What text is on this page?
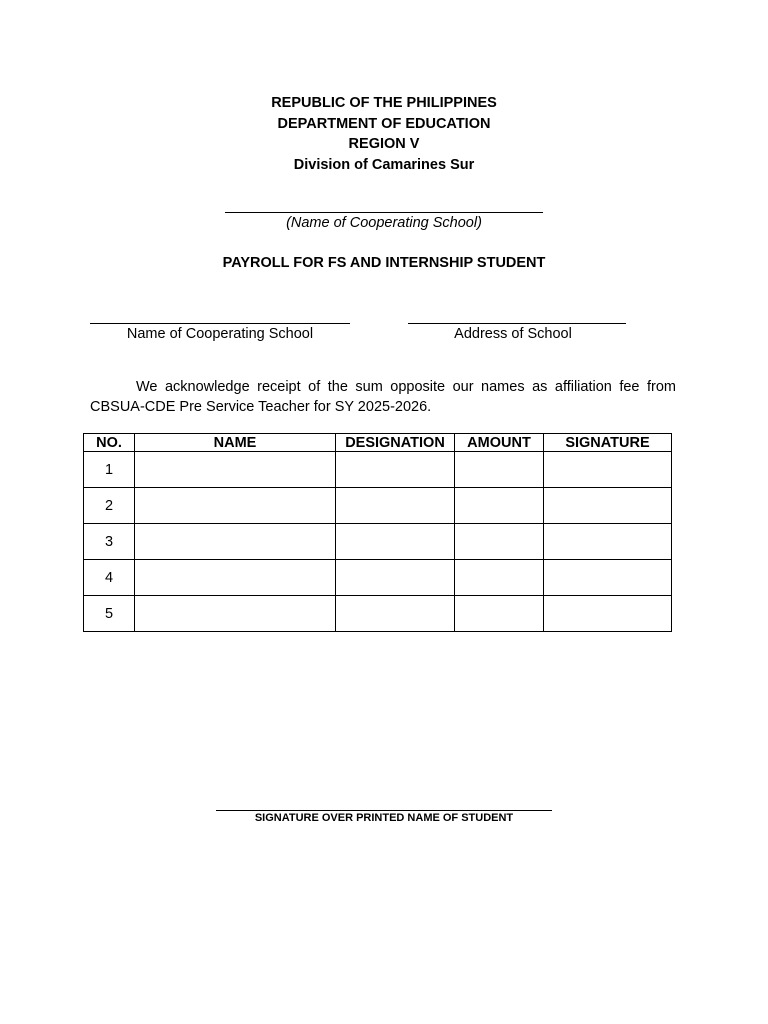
REPUBLIC OF THE PHILIPPINES
DEPARTMENT OF EDUCATION
REGION V
Division of Camarines Sur
(Name of Cooperating School)
PAYROLL FOR FS AND INTERNSHIP STUDENT
Name of Cooperating School	Address of School
We acknowledge receipt of the sum opposite our names as affiliation fee from CBSUA-CDE Pre Service Teacher for SY 2025-2026.
NO.	NAME	DESIGNATION	AMOUNT	SIGNATURE
1				
2				
3				
4				
5				
SIGNATURE OVER PRINTED NAME OF STUDENT
